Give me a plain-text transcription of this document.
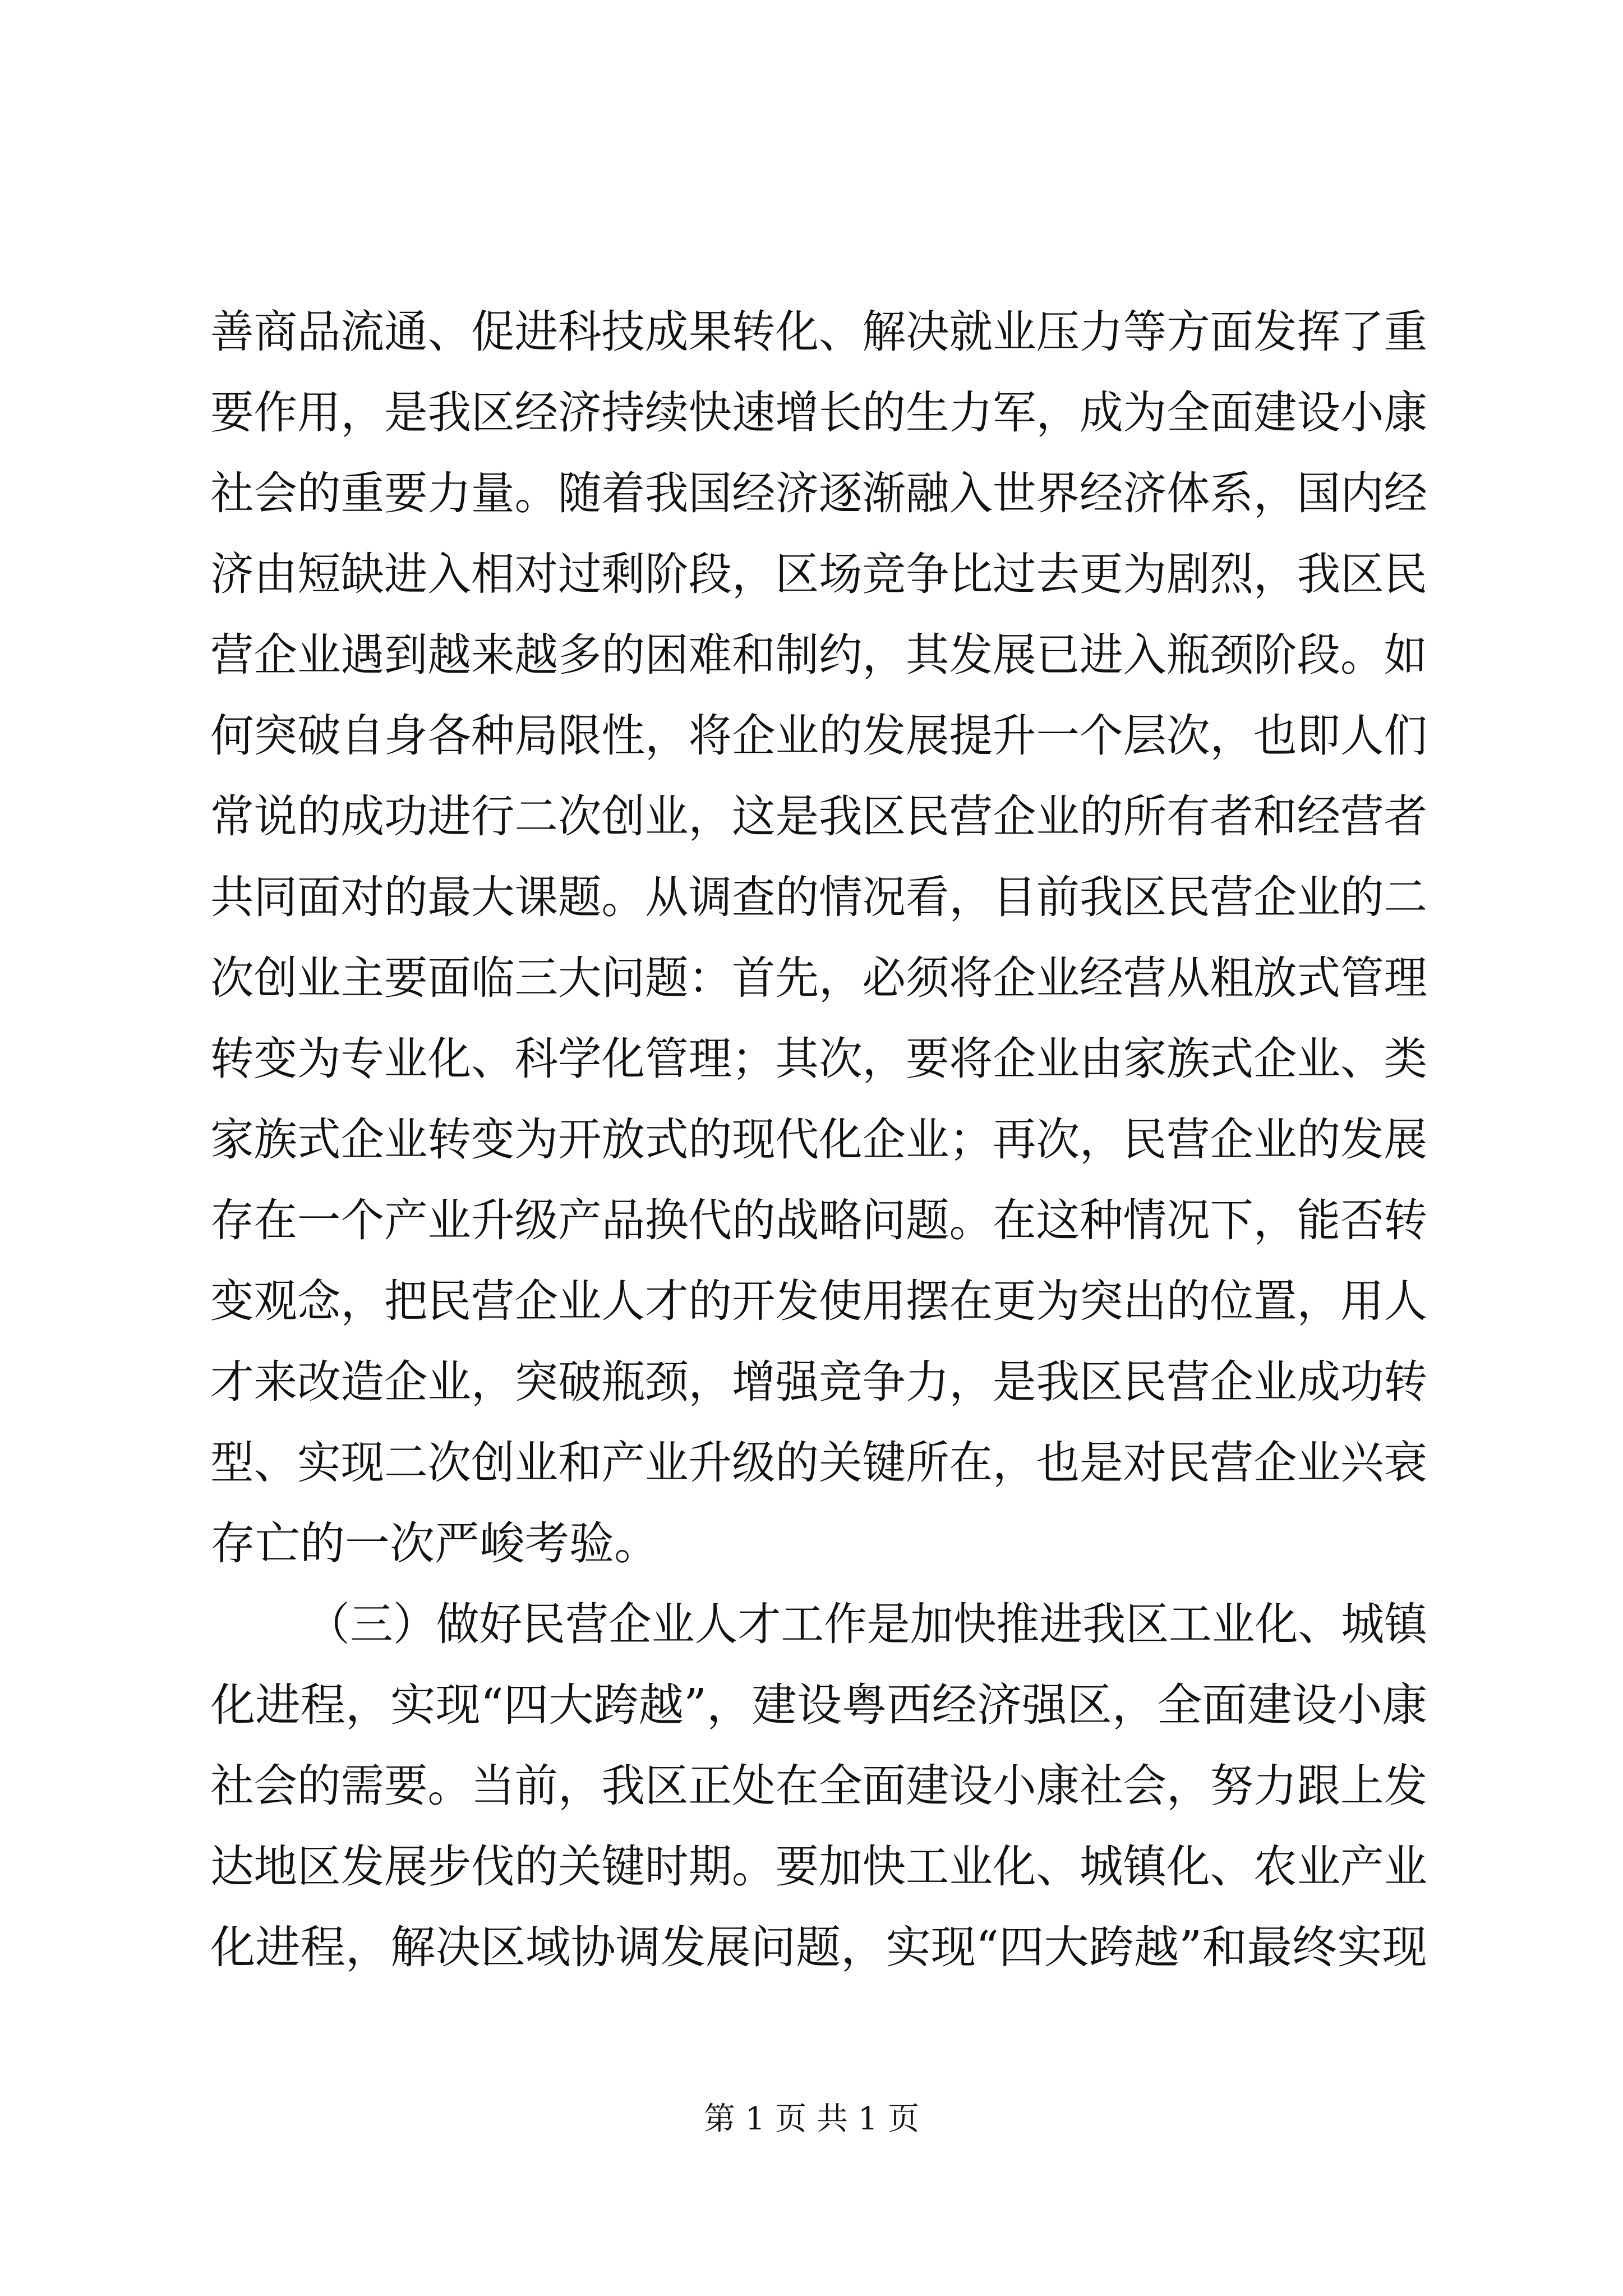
善商品流通、促进科技成果转化、解决就业压力等方面发挥了重
要作用，是我区经济持续快速增长的生力军，成为全面建设小康
社会的重要力量。随着我国经济逐渐融入世界经济体系，国内经
济由短缺进入相对过剩阶段，区场竞争比过去更为剧烈，我区民
营企业遇到越来越多的困难和制约，其发展已进入瓶颈阶段。如
何突破自身各种局限性，将企业的发展提升一个层次，也即人们
常说的成功进行二次创业，这是我区民营企业的所有者和经营者
共同面对的最大课题。从调查的情况看，目前我区民营企业的二
次创业主要面临三大问题：首先，必须将企业经营从粗放式管理
转变为专业化、科学化管理；其次，要将企业由家族式企业、类
家族式企业转变为开放式的现代化企业；再次，民营企业的发展
存在一个产业升级产品换代的战略问题。在这种情况下，能否转
变观念，把民营企业人才的开发使用摆在更为突出的位置，用人
才来改造企业，突破瓶颈，增强竞争力，是我区民营企业成功转
型、实现二次创业和产业升级的关键所在，也是对民营企业兴衰
存亡的一次严峻考验。
（三）做好民营企业人才工作是加快推进我区工业化、城镇
化进程，实现“四大跨越”，建设粤西经济强区，全面建设小康
社会的需要。当前，我区正处在全面建设小康社会，努力跟上发
达地区发展步伐的关键时期。要加快工业化、城镇化、农业产业
化进程，解决区域协调发展问题，实现“四大跨越”和最终实现
第 1 页 共 1 页
